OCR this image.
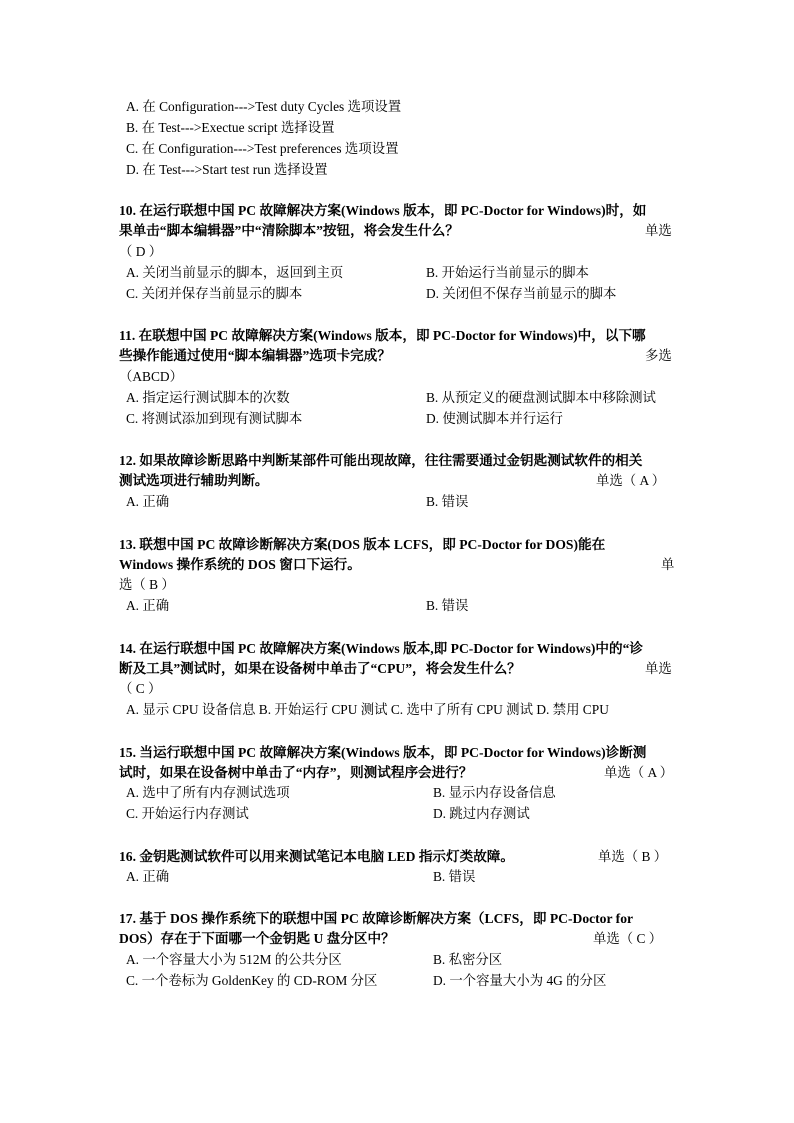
A. 在 Configuration--->Test duty Cycles 选项设置
B. 在 Test--->Exectue script 选择设置
C. 在 Configuration--->Test preferences 选项设置
D. 在 Test--->Start test run 选择设置
10. 在运行联想中国 PC 故障解决方案(Windows 版本，即 PC-Doctor for Windows)时，如
果单击“脚本编辑器”中“清除脚本”按钮，将会发生什么？	单选
（ D ）
A. 关闭当前显示的脚本，返回到主页	B. 开始运行当前显示的脚本
C. 关闭并保存当前显示的脚本	D. 关闭但不保存当前显示的脚本
11. 在联想中国 PC 故障解决方案(Windows 版本，即 PC-Doctor for Windows)中，以下哪
些操作能通过使用“脚本编辑器”选项卡完成？	多选
（ABCD）
A. 指定运行测试脚本的次数	B. 从预定义的硬盘测试脚本中移除测试
C. 将测试添加到现有测试脚本	D. 使测试脚本并行运行
12. 如果故障诊断思路中判断某部件可能出现故障，往往需要通过金钥匙测试软件的相关
测试选项进行辅助判断。	单选（ A ）
A. 正确	B. 错误
13. 联想中国 PC 故障诊断解决方案(DOS 版本 LCFS，即 PC-Doctor for DOS)能在
Windows 操作系统的 DOS 窗口下运行。	单
选（ B ）
A. 正确	B. 错误
14. 在运行联想中国 PC 故障解决方案(Windows 版本,即 PC-Doctor for Windows)中的“诊
断及工具”测试时，如果在设备树中单击了“CPU”，将会发生什么？	单选
（ C ）
A. 显示 CPU 设备信息 B. 开始运行 CPU 测试 C. 选中了所有 CPU 测试 D. 禁用 CPU
15. 当运行联想中国 PC 故障解决方案(Windows 版本，即 PC-Doctor for Windows)诊断测
试时，如果在设备树中单击了“内存”，则测试程序会进行？	单选（ A ）
A. 选中了所有内存测试选项	B. 显示内存设备信息
C. 开始运行内存测试	D. 跳过内存测试
16. 金钥匙测试软件可以用来测试笔记本电脑 LED 指示灯类故障。	单选（ B ）
A. 正确	B. 错误
17. 基于 DOS 操作系统下的联想中国 PC 故障诊断解决方案（LCFS，即 PC-Doctor for
DOS）存在于下面哪一个金钥匙 U 盘分区中？	单选（ C ）
A. 一个容量大小为 512M 的公共分区	B. 私密分区
C. 一个卷标为 GoldenKey 的 CD-ROM 分区	D. 一个容量大小为 4G 的分区
